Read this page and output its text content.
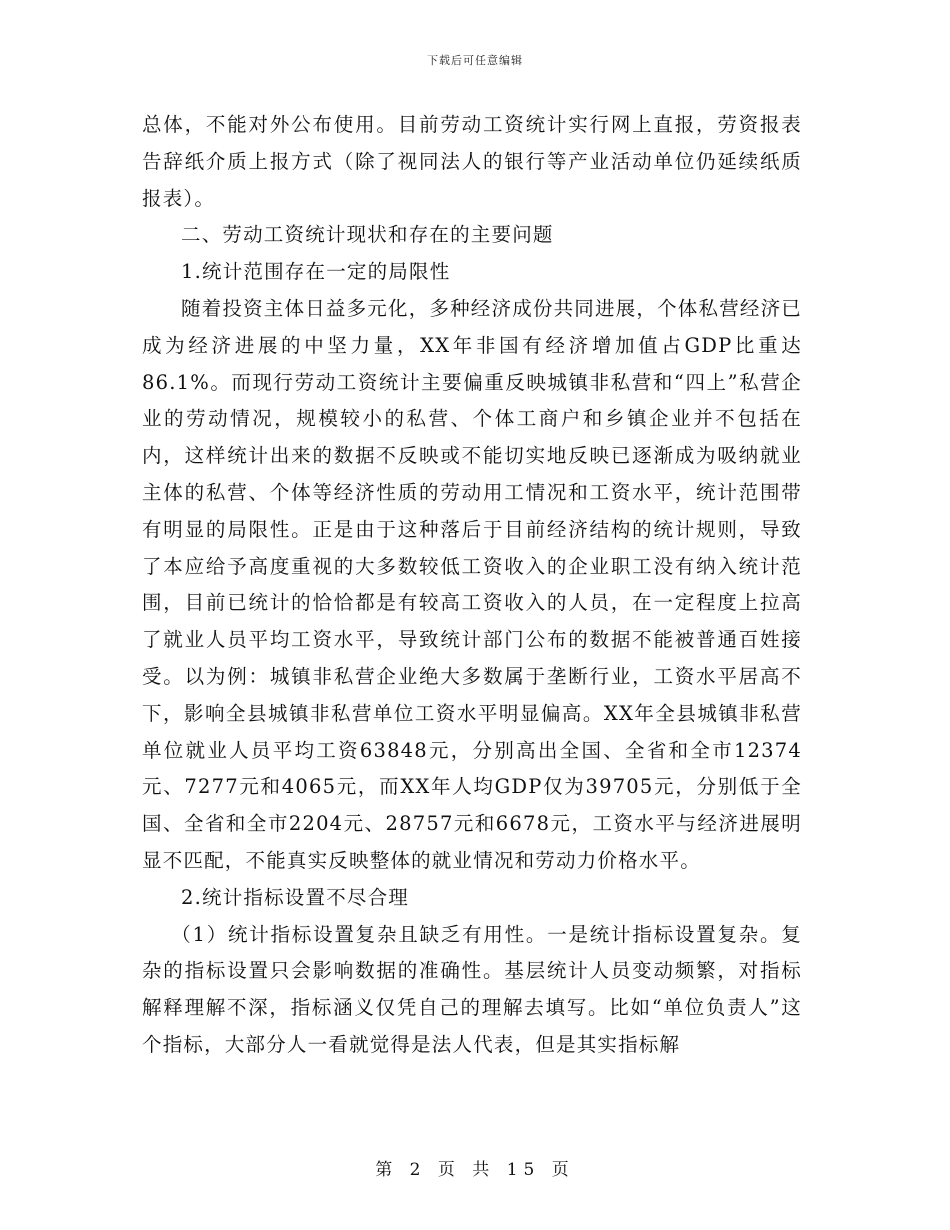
下载后可任意编辑

总体，不能对外公布使用。目前劳动工资统计实行网上直报，劳资报表告辞纸介质上报方式（除了视同法人的银行等产业活动单位仍延续纸质报表）。

二、劳动工资统计现状和存在的主要问题

1.统计范围存在一定的局限性

随着投资主体日益多元化，多种经济成份共同进展，个体私营经济已成为经济进展的中坚力量，XX年非国有经济增加值占GDP比重达86.1%。而现行劳动工资统计主要偏重反映城镇非私营和“四上”私营企业的劳动情况，规模较小的私营、个体工商户和乡镇企业并不包括在内，这样统计出来的数据不反映或不能切实地反映已逐渐成为吸纳就业主体的私营、个体等经济性质的劳动用工情况和工资水平，统计范围带有明显的局限性。正是由于这种落后于目前经济结构的统计规则，导致了本应给予高度重视的大多数较低工资收入的企业职工没有纳入统计范围，目前已统计的恰恰都是有较高工资收入的人员，在一定程度上拉高了就业人员平均工资水平，导致统计部门公布的数据不能被普通百姓接受。以为例：城镇非私营企业绝大多数属于垄断行业，工资水平居高不下，影响全县城镇非私营单位工资水平明显偏高。XX年全县城镇非私营单位就业人员平均工资63848元，分别高出全国、全省和全市12374元、7277元和4065元，而XX年人均GDP仅为39705元，分别低于全国、全省和全市2204元、28757元和6678元，工资水平与经济进展明显不匹配，不能真实反映整体的就业情况和劳动力价格水平。

2.统计指标设置不尽合理

（1）统计指标设置复杂且缺乏有用性。一是统计指标设置复杂。复杂的指标设置只会影响数据的准确性。基层统计人员变动频繁，对指标解释理解不深，指标涵义仅凭自己的理解去填写。比如“单位负责人”这个指标，大部分人一看就觉得是法人代表，但是其实指标解

第 2 页 共 15 页
